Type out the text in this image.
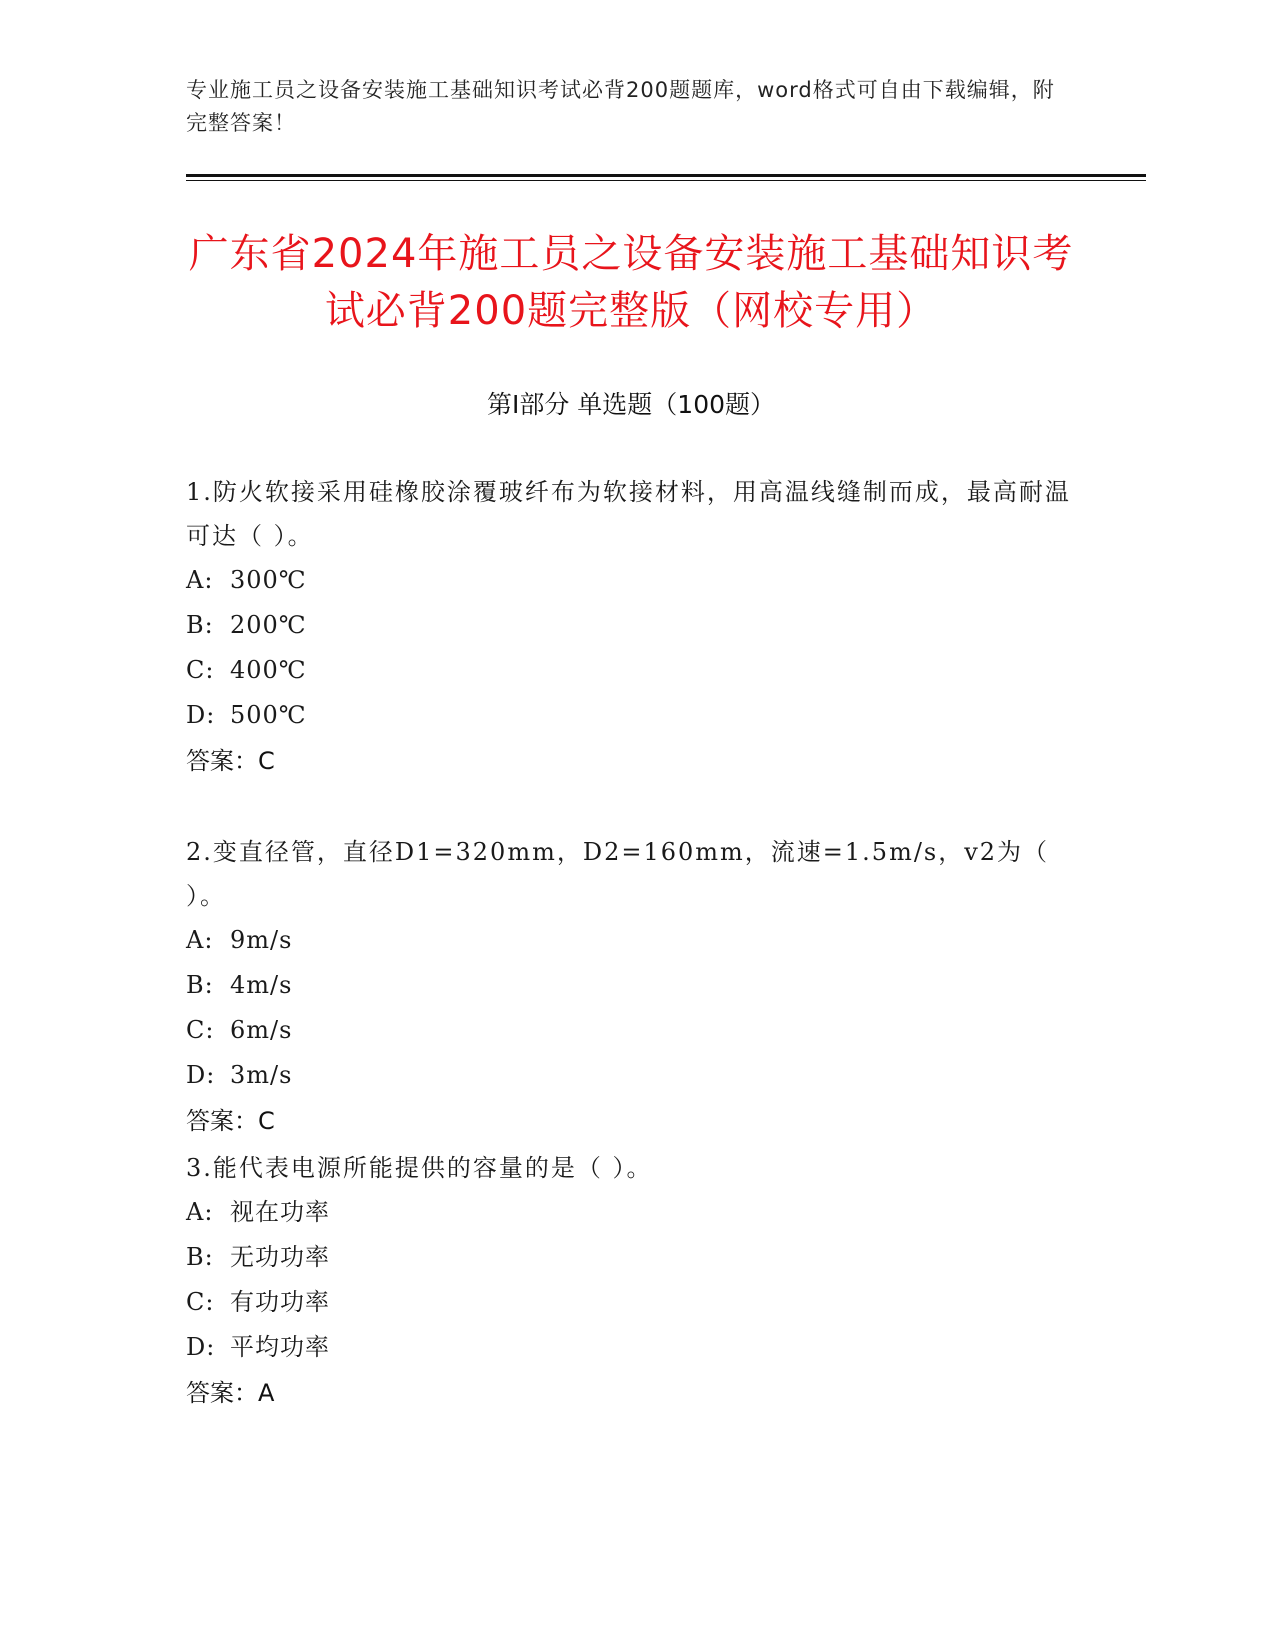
专业施工员之设备安装施工基础知识考试必背200题题库，word格式可自由下载编辑，附完整答案！
广东省2024年施工员之设备安装施工基础知识考试必背200题完整版（网校专用）
第Ⅰ部分 单选题（100题）

1.防火软接采用硅橡胶涂覆玻纤布为软接材料，用高温线缝制而成，最高耐温可达（ ）。

A: 300℃
B: 200℃
C: 400℃
D: 500℃
答案：C

2.变直径管，直径D1=320mm，D2=160mm，流速=1.5m/s，v2为（ ）。

A: 9m/s
B: 4m/s
C: 6m/s
D: 3m/s
答案：C

3.能代表电源所能提供的容量的是（ ）。

A: 视在功率
B: 无功功率
C: 有功功率
D: 平均功率
答案：A
